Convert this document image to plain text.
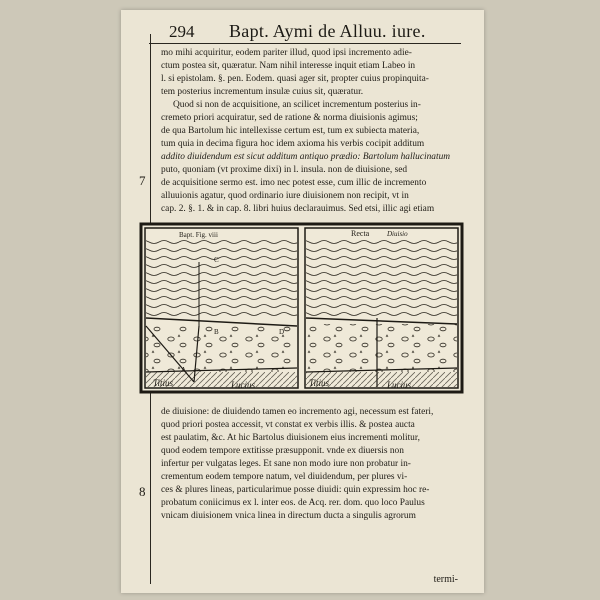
294 Bapt. Aymi de Alluu. iure.

mo mihi acquiritur, eodem pariter illud, quod ipsi incremento adie-

ctum postea sit, quæratur. Nam nihil interesse inquit etiam Labeo in

l. si epistolam. §. pen. Eodem. quasi ager sit, propter cuius propinquita-

tem posterius incrementum insulæ cuius sit, quæratur.

Quod si non de acquisitione, an scilicet incrementum posterius in-

cremeto priori acquiratur, sed de ratione & norma diuisionis agimus;

de qua Bartolum hic intellexisse certum est, tum ex subiecta materia,

tum quia in decima figura hoc idem axioma his verbis cocipit additum

addito diuidendum est sicut additum antiquo prædio: Bartolum hallucinatum

puto, quoniam (vt proxime dixi) in l. insula. non de diuisione, sed

de acquisitione sermo est. imo nec potest esse, cum illic de incremento

alluuionis agatur, quod ordinario iure diuisionem non recipit, vt in

cap. 2. §. 1. & in cap. 8. libri huius declarauimus. Sed etsi, illic agi etiam

7
8
Bapt. Fig. viii	Recta	Diuisio
A
B
C
D
Titius	Lucius	Titius	Lucius

de diuisione: de diuidendo tamen eo incremento agi, necessum est fateri,

quod priori postea accessit, vt constat ex verbis illis. & postea aucta

est paulatim, &c. At hic Bartolus diuisionem eius incrementi molitur,

quod eodem tempore extitisse præsupponit. vnde ex diuersis non

infertur per vulgatas leges. Et sane non modo iure non probatur in-

crementum eodem tempore natum, vel diuidendum, per plures vi-

ces & plures lineas, particularimue posse diuidi: quin expressim hoc re-

probatum coniicimus ex l. inter eos. de Acq. rer. dom. quo loco Paulus

vnicam diuisionem vnica linea in directum ducta a singulis agrorum

termi-
